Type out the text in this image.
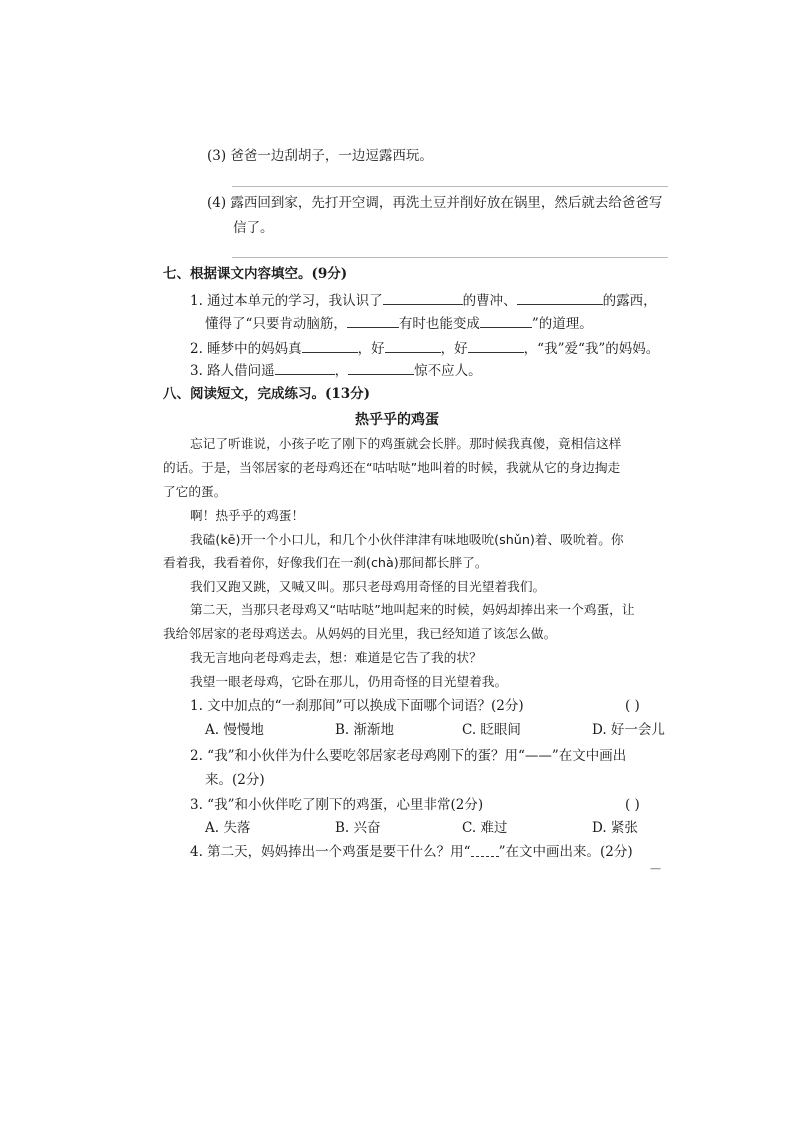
(3) 爸爸一边刮胡子，一边逗露西玩。
(4) 露西回到家，先打开空调，再洗土豆并削好放在锅里，然后就去给爸爸写
信了。
七、根据课文内容填空。(9分)
1. 通过本单元的学习，我认识了	的曹冲、	的露西，
懂得了“只要肯动脑筋，	有时也能变成	”的道理。
2. 睡梦中的妈妈真	，好	，好	，“我”爱“我”的妈妈。
3. 路人借问遥	，	惊不应人。
八、阅读短文，完成练习。(13分)
热乎乎的鸡蛋
忘记了听谁说，小孩子吃了刚下的鸡蛋就会长胖。那时候我真傻，竟相信这样
的话。于是，当邻居家的老母鸡还在“咕咕哒”地叫着的时候，我就从它的身边掏走
了它的蛋。
啊！热乎乎的鸡蛋！
我磕(kē)开一个小口儿，和几个小伙伴津津有味地吸吮(shǔn)着、吸吮着。你
看着我，我看着你，好像我们在一刹(chà)那间都长胖了。
我们又跑又跳，又喊又叫。那只老母鸡用奇怪的目光望着我们。
第二天，当那只老母鸡又“咕咕哒”地叫起来的时候，妈妈却捧出来一个鸡蛋，让
我给邻居家的老母鸡送去。从妈妈的目光里，我已经知道了该怎么做。
我无言地向老母鸡走去，想：难道是它告了我的状？
我望一眼老母鸡，它卧在那儿，仍用奇怪的目光望着我。
1. 文中加点的“一刹那间”可以换成下面哪个词语？(2分)	( )
A. 慢慢地	B. 渐渐地	C. 眨眼间	D. 好一会儿
2. “我”和小伙伴为什么要吃邻居家老母鸡刚下的蛋？用“——”在文中画出
来。(2分)
3. “我”和小伙伴吃了刚下的鸡蛋，心里非常(2分)	( )
A. 失落	B. 兴奋	C. 难过	D. 紧张
4. 第二天，妈妈捧出一个鸡蛋是要干什么？用“ ”在文中画出来。(2分)
—
